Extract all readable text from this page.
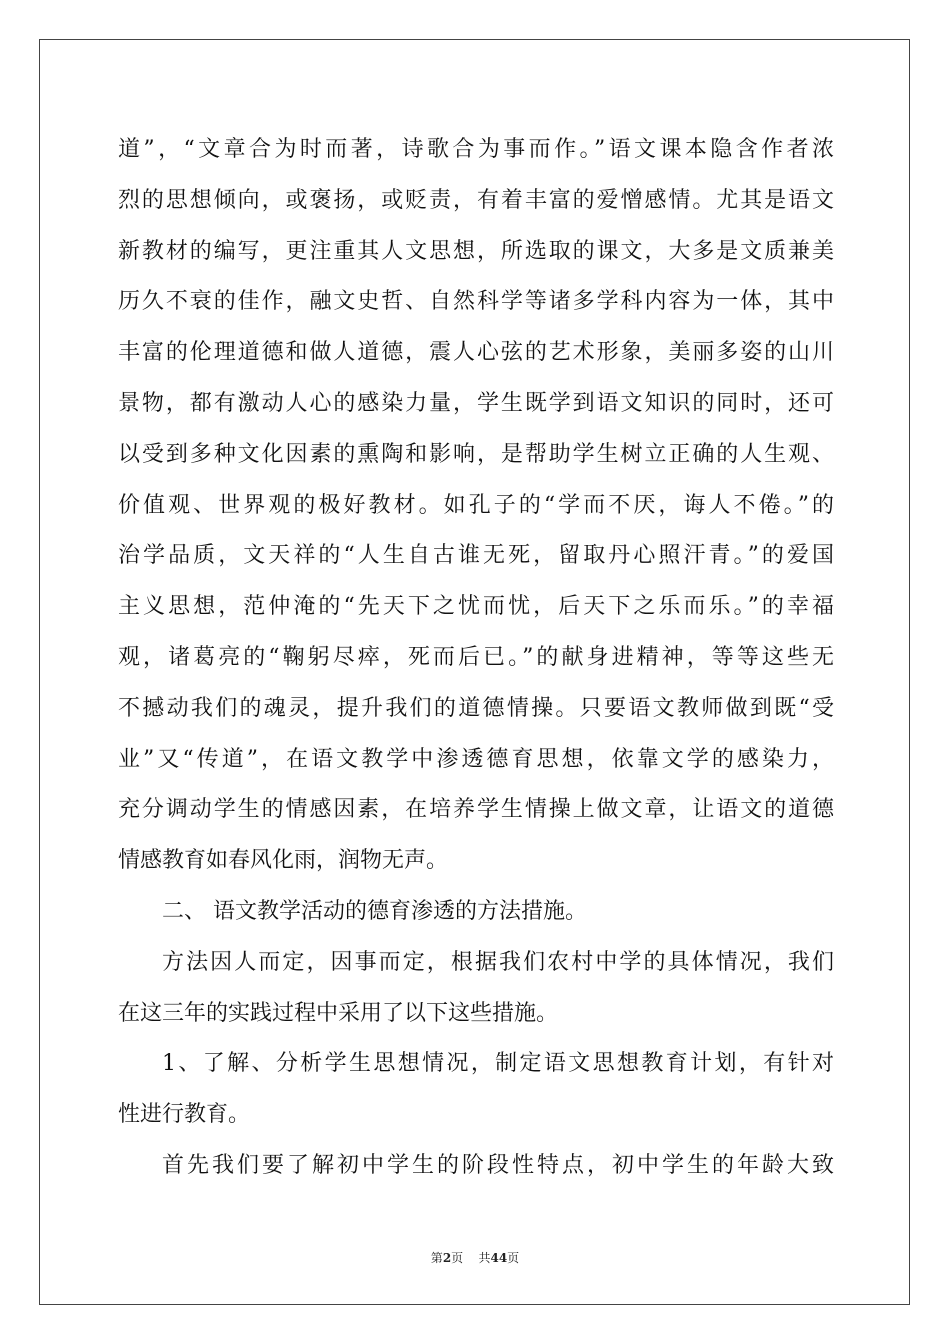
道”，“文章合为时而著，诗歌合为事而作。”语文课本隐含作者浓
烈的思想倾向，或褒扬，或贬责，有着丰富的爱憎感情。尤其是语文
新教材的编写，更注重其人文思想，所选取的课文，大多是文质兼美
历久不衰的佳作，融文史哲、自然科学等诸多学科内容为一体，其中
丰富的伦理道德和做人道德，震人心弦的艺术形象，美丽多姿的山川
景物，都有激动人心的感染力量，学生既学到语文知识的同时，还可
以受到多种文化因素的熏陶和影响，是帮助学生树立正确的人生观、
价值观、世界观的极好教材。如孔子的“学而不厌，诲人不倦。”的
治学品质，文天祥的“人生自古谁无死，留取丹心照汗青。”的爱国
主义思想，范仲淹的“先天下之忧而忧，后天下之乐而乐。”的幸福
观，诸葛亮的“鞠躬尽瘁，死而后已。”的献身进精神，等等这些无
不撼动我们的魂灵，提升我们的道德情操。只要语文教师做到既“受
业”又“传道”，在语文教学中渗透德育思想，依靠文学的感染力，
充分调动学生的情感因素，在培养学生情操上做文章，让语文的道德
情感教育如春风化雨，润物无声。
二、 语文教学活动的德育渗透的方法措施。
方法因人而定，因事而定，根据我们农村中学的具体情况，我们
在这三年的实践过程中采用了以下这些措施。
1、了解、分析学生思想情况，制定语文思想教育计划，有针对
性进行教育。
首先我们要了解初中学生的阶段性特点，初中学生的年龄大致
第2页 共44页
